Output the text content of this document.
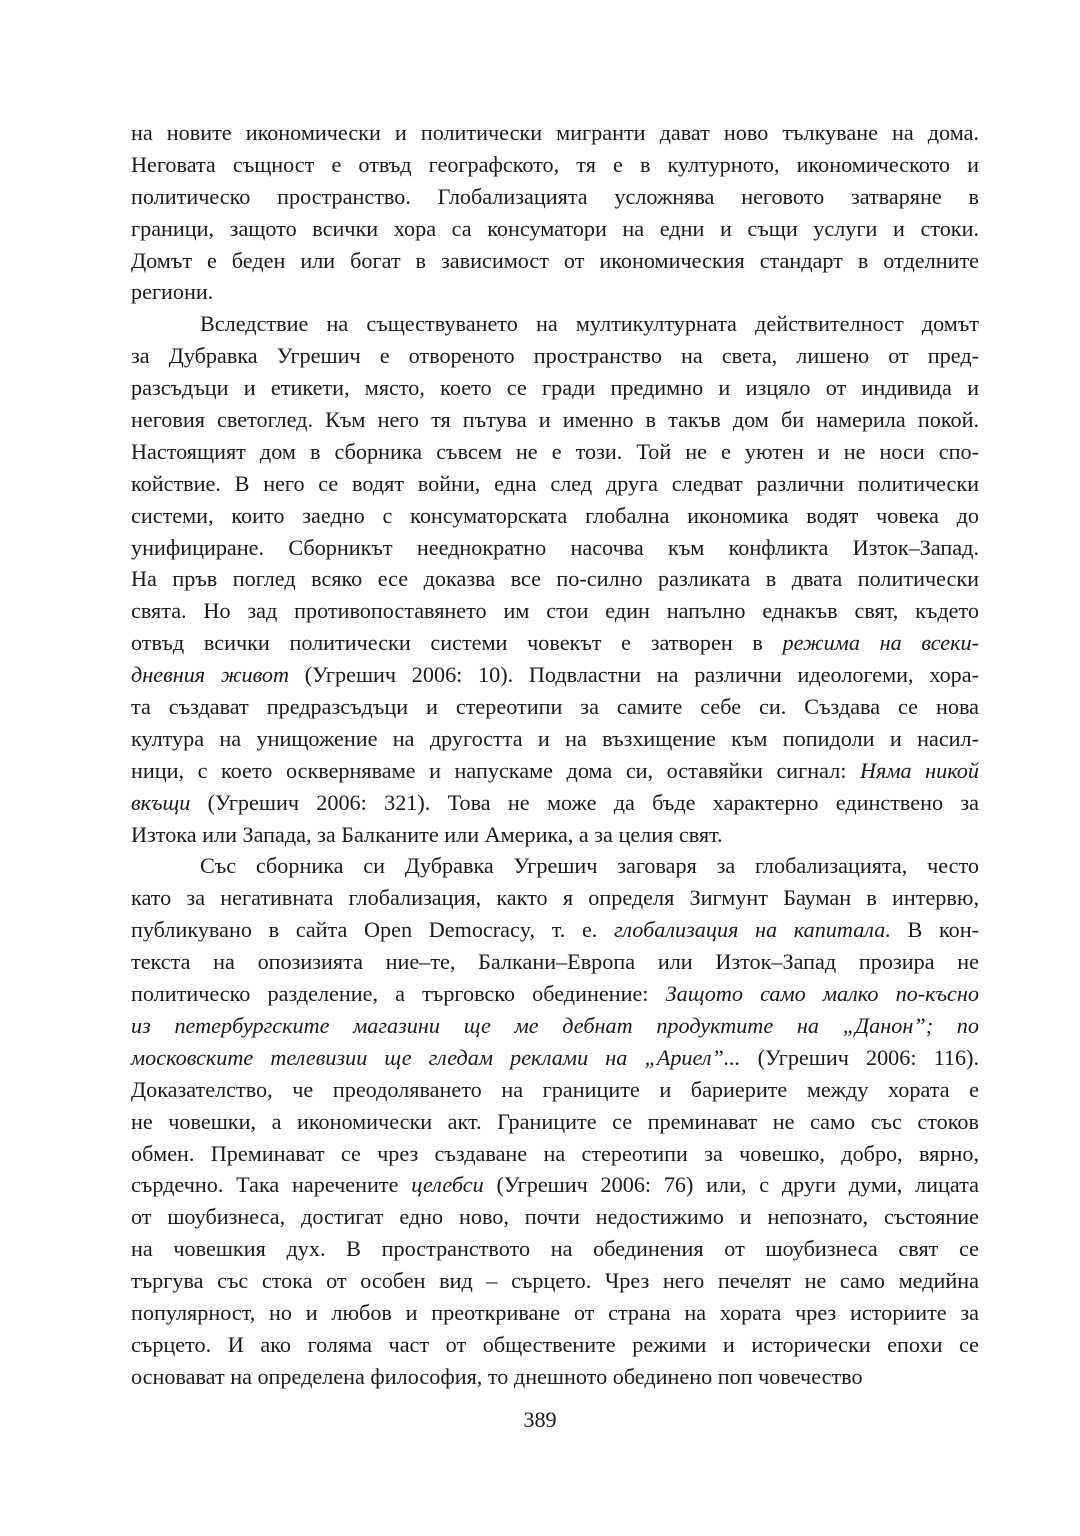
на новите икономически и политически мигранти дават ново тълкуване на дома.
Неговата същност е отвъд географското, тя е в културното, икономическото и
политическо пространство. Глобализацията усложнява неговото затваряне в
граници, защото всички хора са консуматори на едни и същи услуги и стоки.
Домът е беден или богат в зависимост от икономическия стандарт в отделните
региони.
Вследствие на съществуването на мултикултурната действителност домът
за Дубравка Угрешич е отвореното пространство на света, лишено от пред-
разсъдъци и етикети, място, което се гради предимно и изцяло от индивида и
неговия светоглед. Към него тя пътува и именно в такъв дом би намерила покой.
Настоящият дом в сборника съвсем не е този. Той не е уютен и не носи спо-
койствие. В него се водят войни, една след друга следват различни политически
системи, които заедно с консуматорската глобална икономика водят човека до
унифициране. Сборникът нееднократно насочва към конфликта Изток–Запад.
На пръв поглед всяко есе доказва все по-силно разликата в двата политически
свята. Но зад противопоставянето им стои един напълно еднакъв свят, където
отвъд всички политически системи човекът е затворен в режима на всеки-
дневния живот (Угрешич 2006: 10). Подвластни на различни идеологеми, хора-
та създават предразсъдъци и стереотипи за самите себе си. Създава се нова
култура на унищожение на другостта и на възхищение към попидоли и насил-
ници, с което оскверняваме и напускаме дома си, оставяйки сигнал: Няма никой
вкъщи (Угрешич 2006: 321). Това не може да бъде характерно единствено за
Изтока или Запада, за Балканите или Америка, а за целия свят.
Със сборника си Дубравка Угрешич заговаря за глобализацията, често
като за негативната глобализация, както я определя Зигмунт Бауман в интервю,
публикувано в сайта Open Democracy, т. е. глобализация на капитала. В кон-
текста на опозизията ние–те, Балкани–Европа или Изток–Запад прозира не
политическо разделение, а търговско обединение: Защото само малко по-късно
из петербургските магазини ще ме дебнат продуктите на „Данон”; по
московските телевизии ще гледам реклами на „Ариел”... (Угрешич 2006: 116).
Доказателство, че преодоляването на границите и бариерите между хората е
не човешки, а икономически акт. Границите се преминават не само със стоков
обмен. Преминават се чрез създаване на стереотипи за човешко, добро, вярно,
сърдечно. Така наречените целебси (Угрешич 2006: 76) или, с други думи, лицата
от шоубизнеса, достигат едно ново, почти недостижимо и непознато, състояние
на човешкия дух. В пространството на обединения от шоубизнеса свят се
търгува със стока от особен вид – сърцето. Чрез него печелят не само медийна
популярност, но и любов и преоткриване от страна на хората чрез историите за
сърцето. И ако голяма част от обществените режими и исторически епохи се
основават на определена философия, то днешното обединено поп човечество
389
